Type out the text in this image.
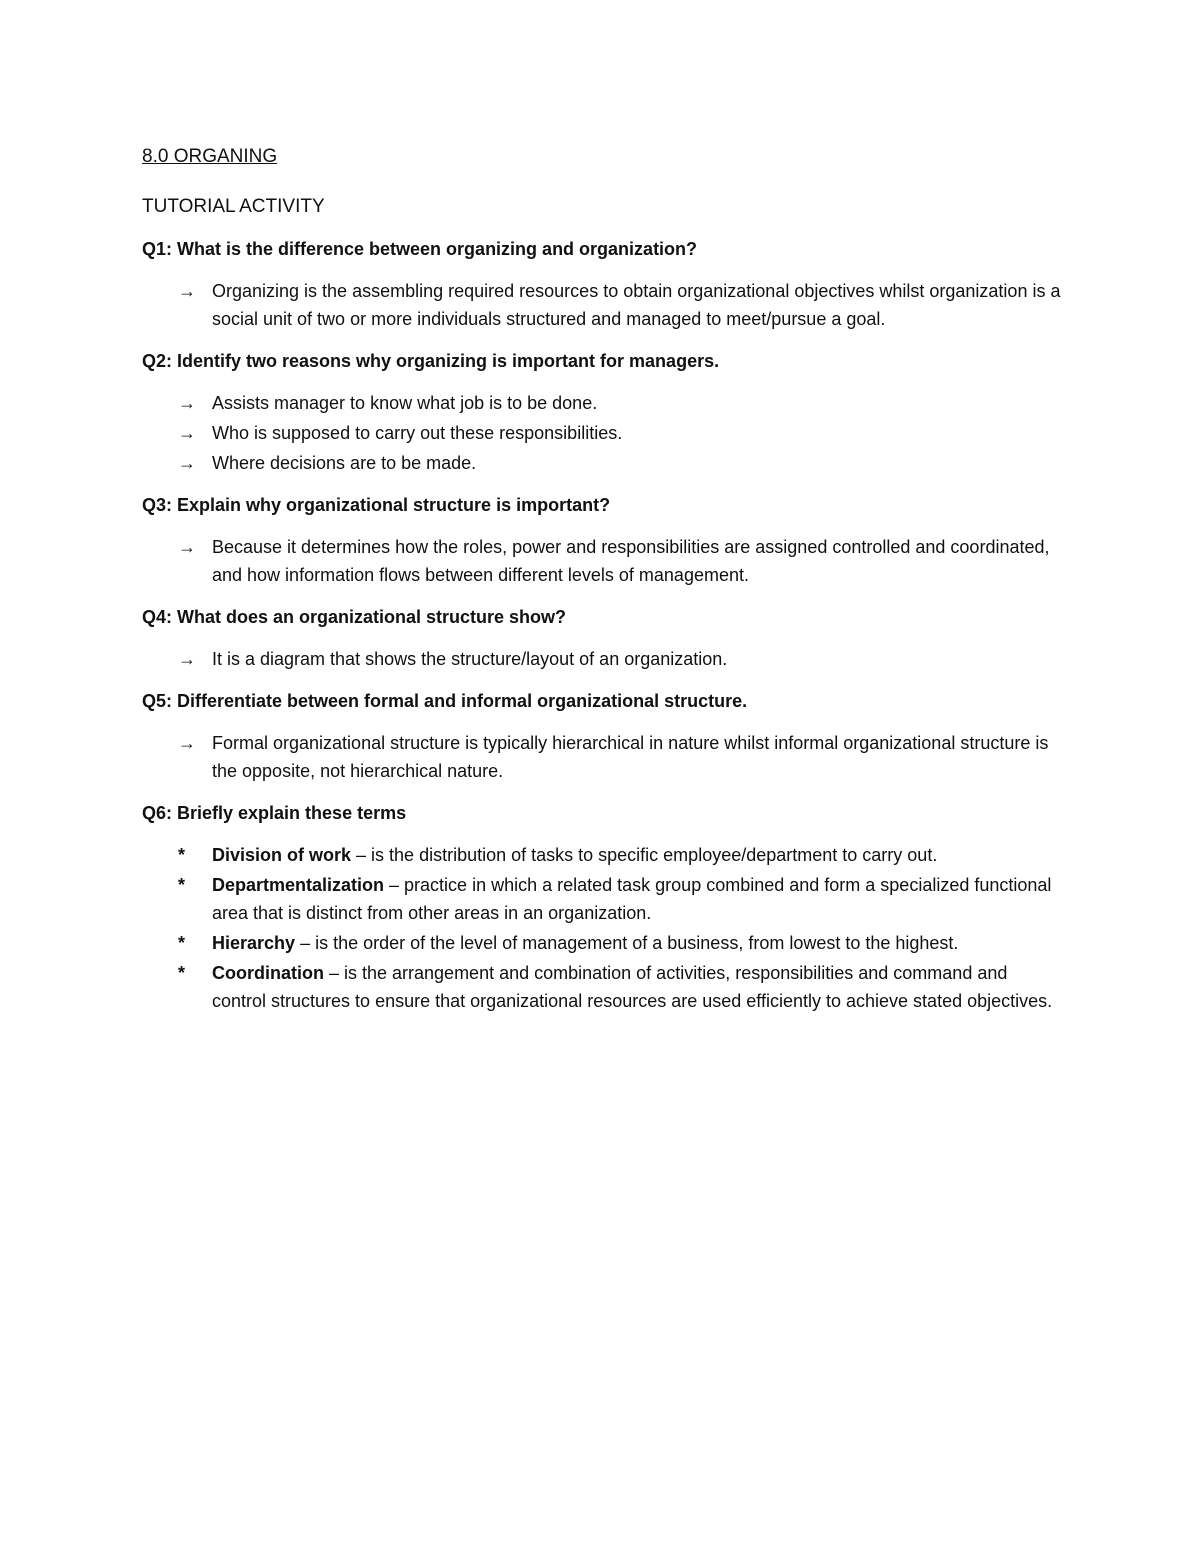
8.0 ORGANING
TUTORIAL ACTIVITY
Q1: What is the difference between organizing and organization?
→ Organizing is the assembling required resources to obtain organizational objectives whilst organization is a social unit of two or more individuals structured and managed to meet/pursue a goal.
Q2: Identify two reasons why organizing is important for managers.
→ Assists manager to know what job is to be done.
→ Who is supposed to carry out these responsibilities.
→ Where decisions are to be made.
Q3: Explain why organizational structure is important?
→ Because it determines how the roles, power and responsibilities are assigned controlled and coordinated, and how information flows between different levels of management.
Q4: What does an organizational structure show?
→ It is a diagram that shows the structure/layout of an organization.
Q5: Differentiate between formal and informal organizational structure.
→ Formal organizational structure is typically hierarchical in nature whilst informal organizational structure is the opposite, not hierarchical nature.
Q6: Briefly explain these terms
*	Division of work – is the distribution of tasks to specific employee/department to carry out.
*	Departmentalization – practice in which a related task group combined and form a specialized functional area that is distinct from other areas in an organization.
*	Hierarchy – is the order of the level of management of a business, from lowest to the highest.
*	Coordination – is the arrangement and combination of activities, responsibilities and command and control structures to ensure that organizational resources are used efficiently to achieve stated objectives.
